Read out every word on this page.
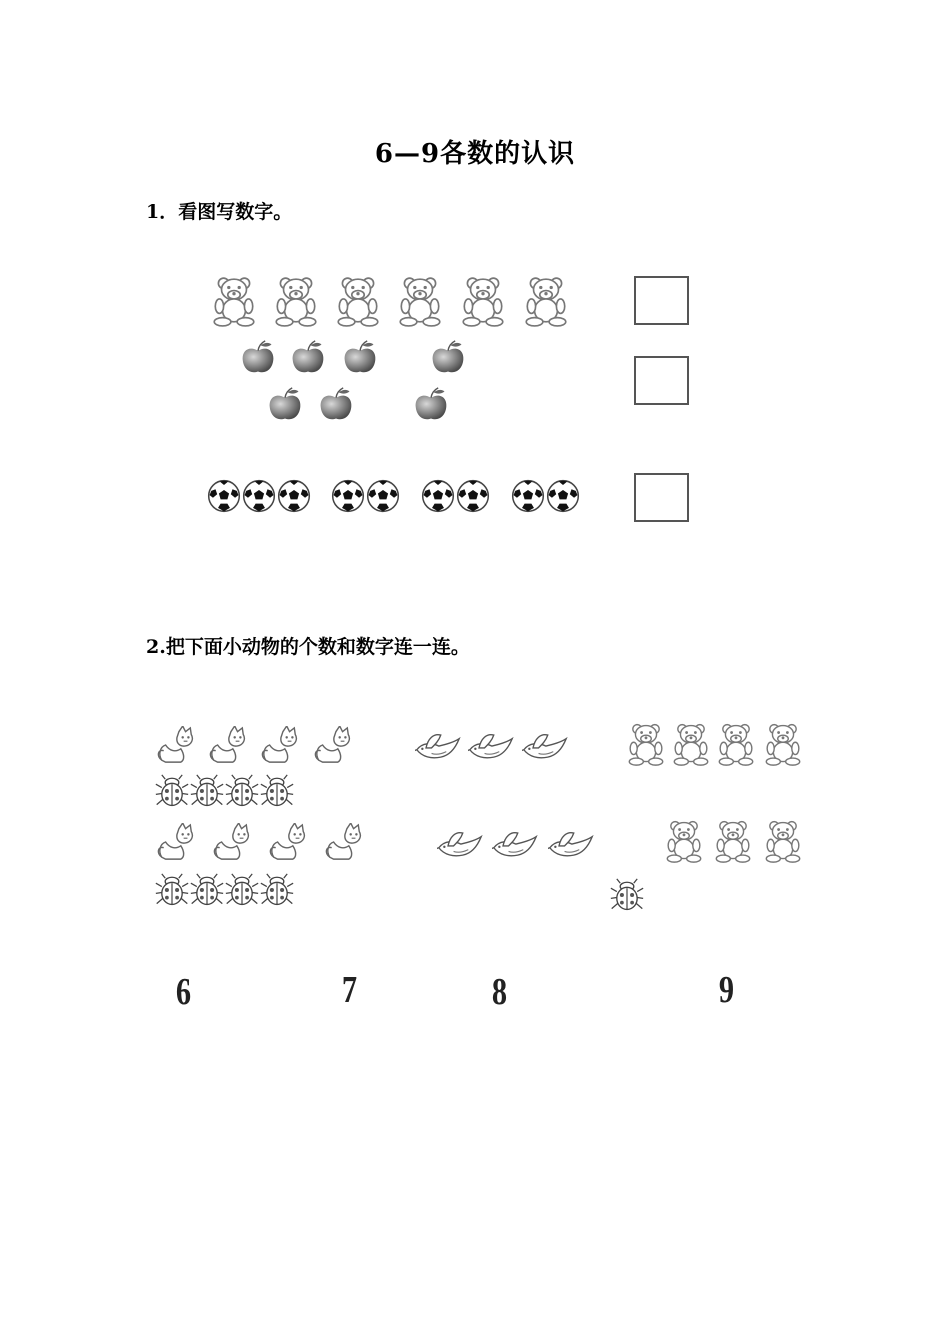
6—9各数的认识
1．看图写数字。
2.把下面小动物的个数和数字连一连。
6	7	8	9
